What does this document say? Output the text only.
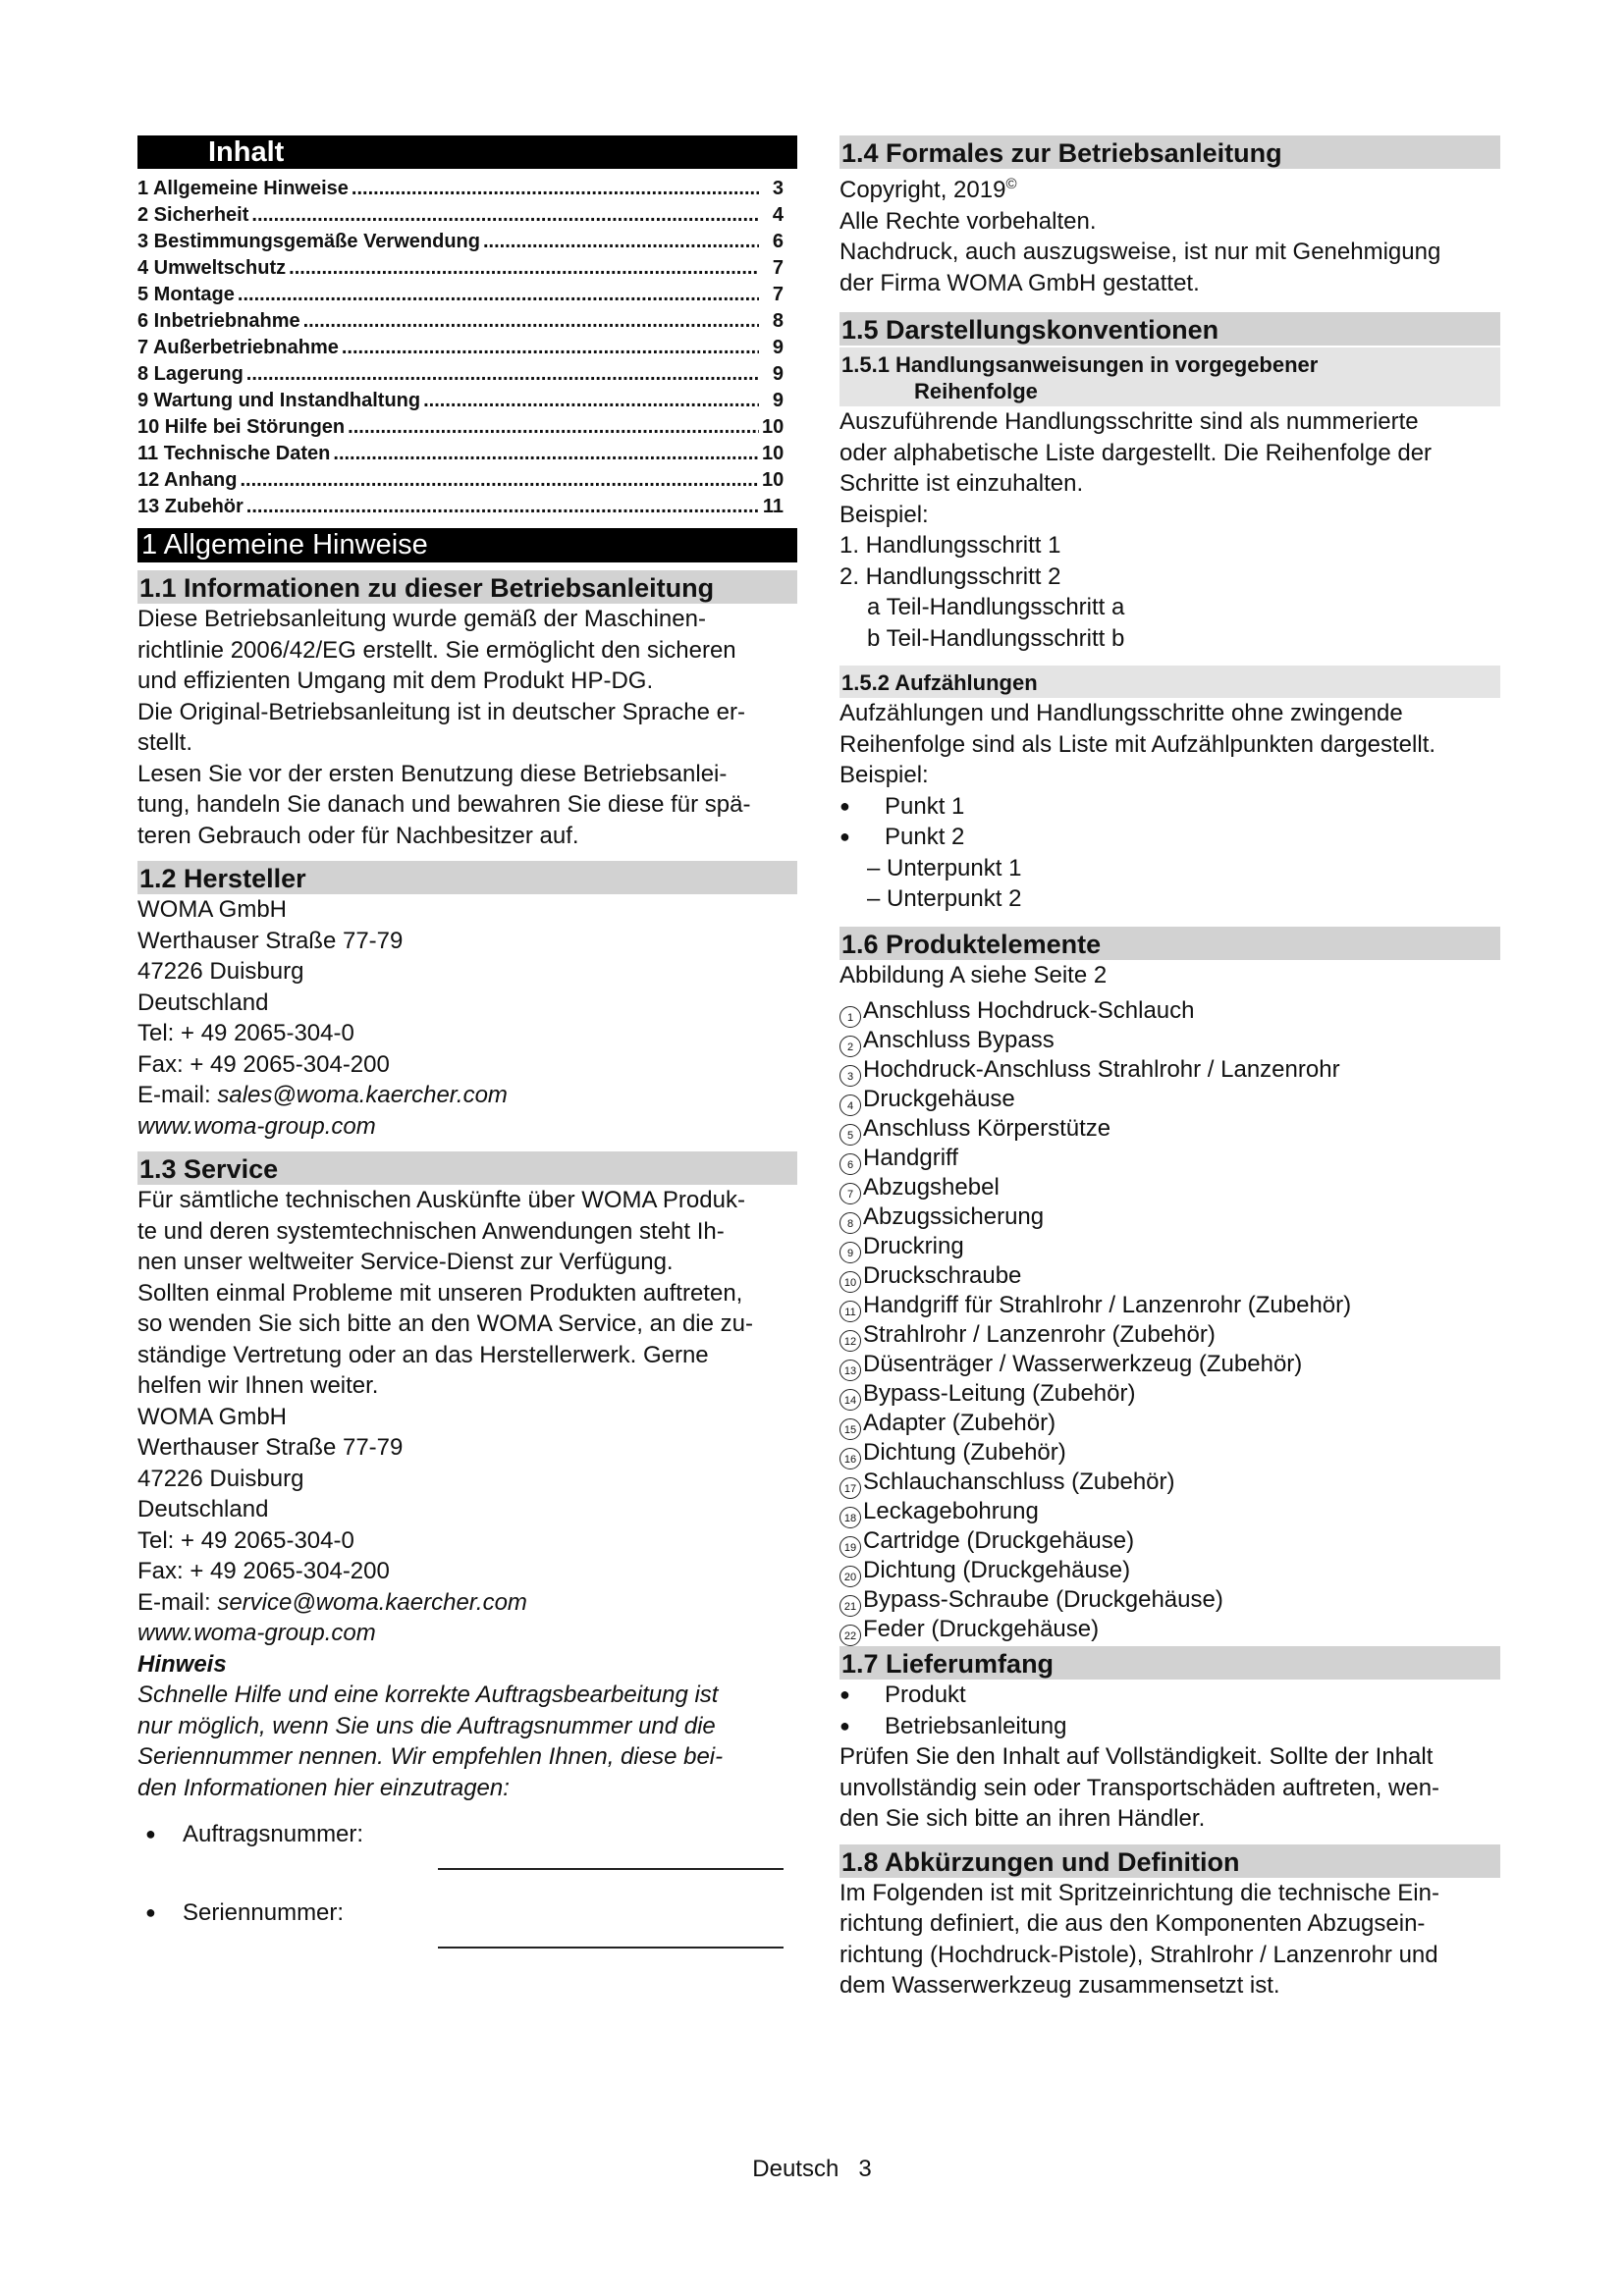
Inhalt
1 Allgemeine Hinweise .....	3
2 Sicherheit .....	4
3 Bestimmungsgemäße Verwendung .....	6
4 Umweltschutz .....	7
5 Montage .....	7
6 Inbetriebnahme .....	8
7 Außerbetriebnahme .....	9
8 Lagerung .....	9
9 Wartung und Instandhaltung .....	9
10 Hilfe bei Störungen .....	10
11 Technische Daten .....	10
12 Anhang .....	10
13 Zubehör .....	11
1 Allgemeine Hinweise
1.1 Informationen zu dieser Betriebsanleitung
Diese Betriebsanleitung wurde gemäß der Maschinen-
richtlinie 2006/42/EG erstellt. Sie ermöglicht den sicheren
und effizienten Umgang mit dem Produkt HP-DG.
Die Original-Betriebsanleitung ist in deutscher Sprache er-
stellt.
Lesen Sie vor der ersten Benutzung diese Betriebsanlei-
tung, handeln Sie danach und bewahren Sie diese für spä-
teren Gebrauch oder für Nachbesitzer auf.
1.2 Hersteller
WOMA GmbH
Werthauser Straße 77-79
47226 Duisburg
Deutschland
Tel: + 49 2065-304-0
Fax: + 49 2065-304-200
E-mail: sales@woma.kaercher.com
www.woma-group.com
1.3 Service
Für sämtliche technischen Auskünfte über WOMA Produk-
te und deren systemtechnischen Anwendungen steht Ih-
nen unser weltweiter Service-Dienst zur Verfügung.
Sollten einmal Probleme mit unseren Produkten auftreten,
so wenden Sie sich bitte an den WOMA Service, an die zu-
ständige Vertretung oder an das Herstellerwerk. Gerne
helfen wir Ihnen weiter.
WOMA GmbH
Werthauser Straße 77-79
47226 Duisburg
Deutschland
Tel: + 49 2065-304-0
Fax: + 49 2065-304-200
E-mail: service@woma.kaercher.com
www.woma-group.com
Hinweis
Schnelle Hilfe und eine korrekte Auftragsbearbeitung ist
nur möglich, wenn Sie uns die Auftragsnummer und die
Seriennummer nennen. Wir empfehlen Ihnen, diese bei-
den Informationen hier einzutragen:
● Auftragsnummer:
● Seriennummer:
1.4 Formales zur Betriebsanleitung
Copyright, 2019©
Alle Rechte vorbehalten.
Nachdruck, auch auszugsweise, ist nur mit Genehmigung
der Firma WOMA GmbH gestattet.
1.5 Darstellungskonventionen
1.5.1 Handlungsanweisungen in vorgegebener
Reihenfolge
Auszuführende Handlungsschritte sind als nummerierte
oder alphabetische Liste dargestellt. Die Reihenfolge der
Schritte ist einzuhalten.
Beispiel:
1. Handlungsschritt 1
2. Handlungsschritt 2
a Teil-Handlungsschritt a
b Teil-Handlungsschritt b
1.5.2 Aufzählungen
Aufzählungen und Handlungsschritte ohne zwingende
Reihenfolge sind als Liste mit Aufzählpunkten dargestellt.
Beispiel:
● Punkt 1
● Punkt 2
– Unterpunkt 1
– Unterpunkt 2
1.6 Produktelemente
Abbildung A siehe Seite 2
1 Anschluss Hochdruck-Schlauch
2 Anschluss Bypass
3 Hochdruck-Anschluss Strahlrohr / Lanzenrohr
4 Druckgehäuse
5 Anschluss Körperstütze
6 Handgriff
7 Abzugshebel
8 Abzugssicherung
9 Druckring
10 Druckschraube
11 Handgriff für Strahlrohr / Lanzenrohr (Zubehör)
12 Strahlrohr / Lanzenrohr (Zubehör)
13 Düsenträger / Wasserwerkzeug (Zubehör)
14 Bypass-Leitung (Zubehör)
15 Adapter (Zubehör)
16 Dichtung (Zubehör)
17 Schlauchanschluss (Zubehör)
18 Leckagebohrung
19 Cartridge (Druckgehäuse)
20 Dichtung (Druckgehäuse)
21 Bypass-Schraube (Druckgehäuse)
22 Feder (Druckgehäuse)
1.7 Lieferumfang
● Produkt
● Betriebsanleitung
Prüfen Sie den Inhalt auf Vollständigkeit. Sollte der Inhalt
unvollständig sein oder Transportschäden auftreten, wen-
den Sie sich bitte an ihren Händler.
1.8 Abkürzungen und Definition
Im Folgenden ist mit Spritzeinrichtung die technische Ein-
richtung definiert, die aus den Komponenten Abzugsein-
richtung (Hochdruck-Pistole), Strahlrohr / Lanzenrohr und
dem Wasserwerkzeug zusammensetzt ist.
Deutsch 3
